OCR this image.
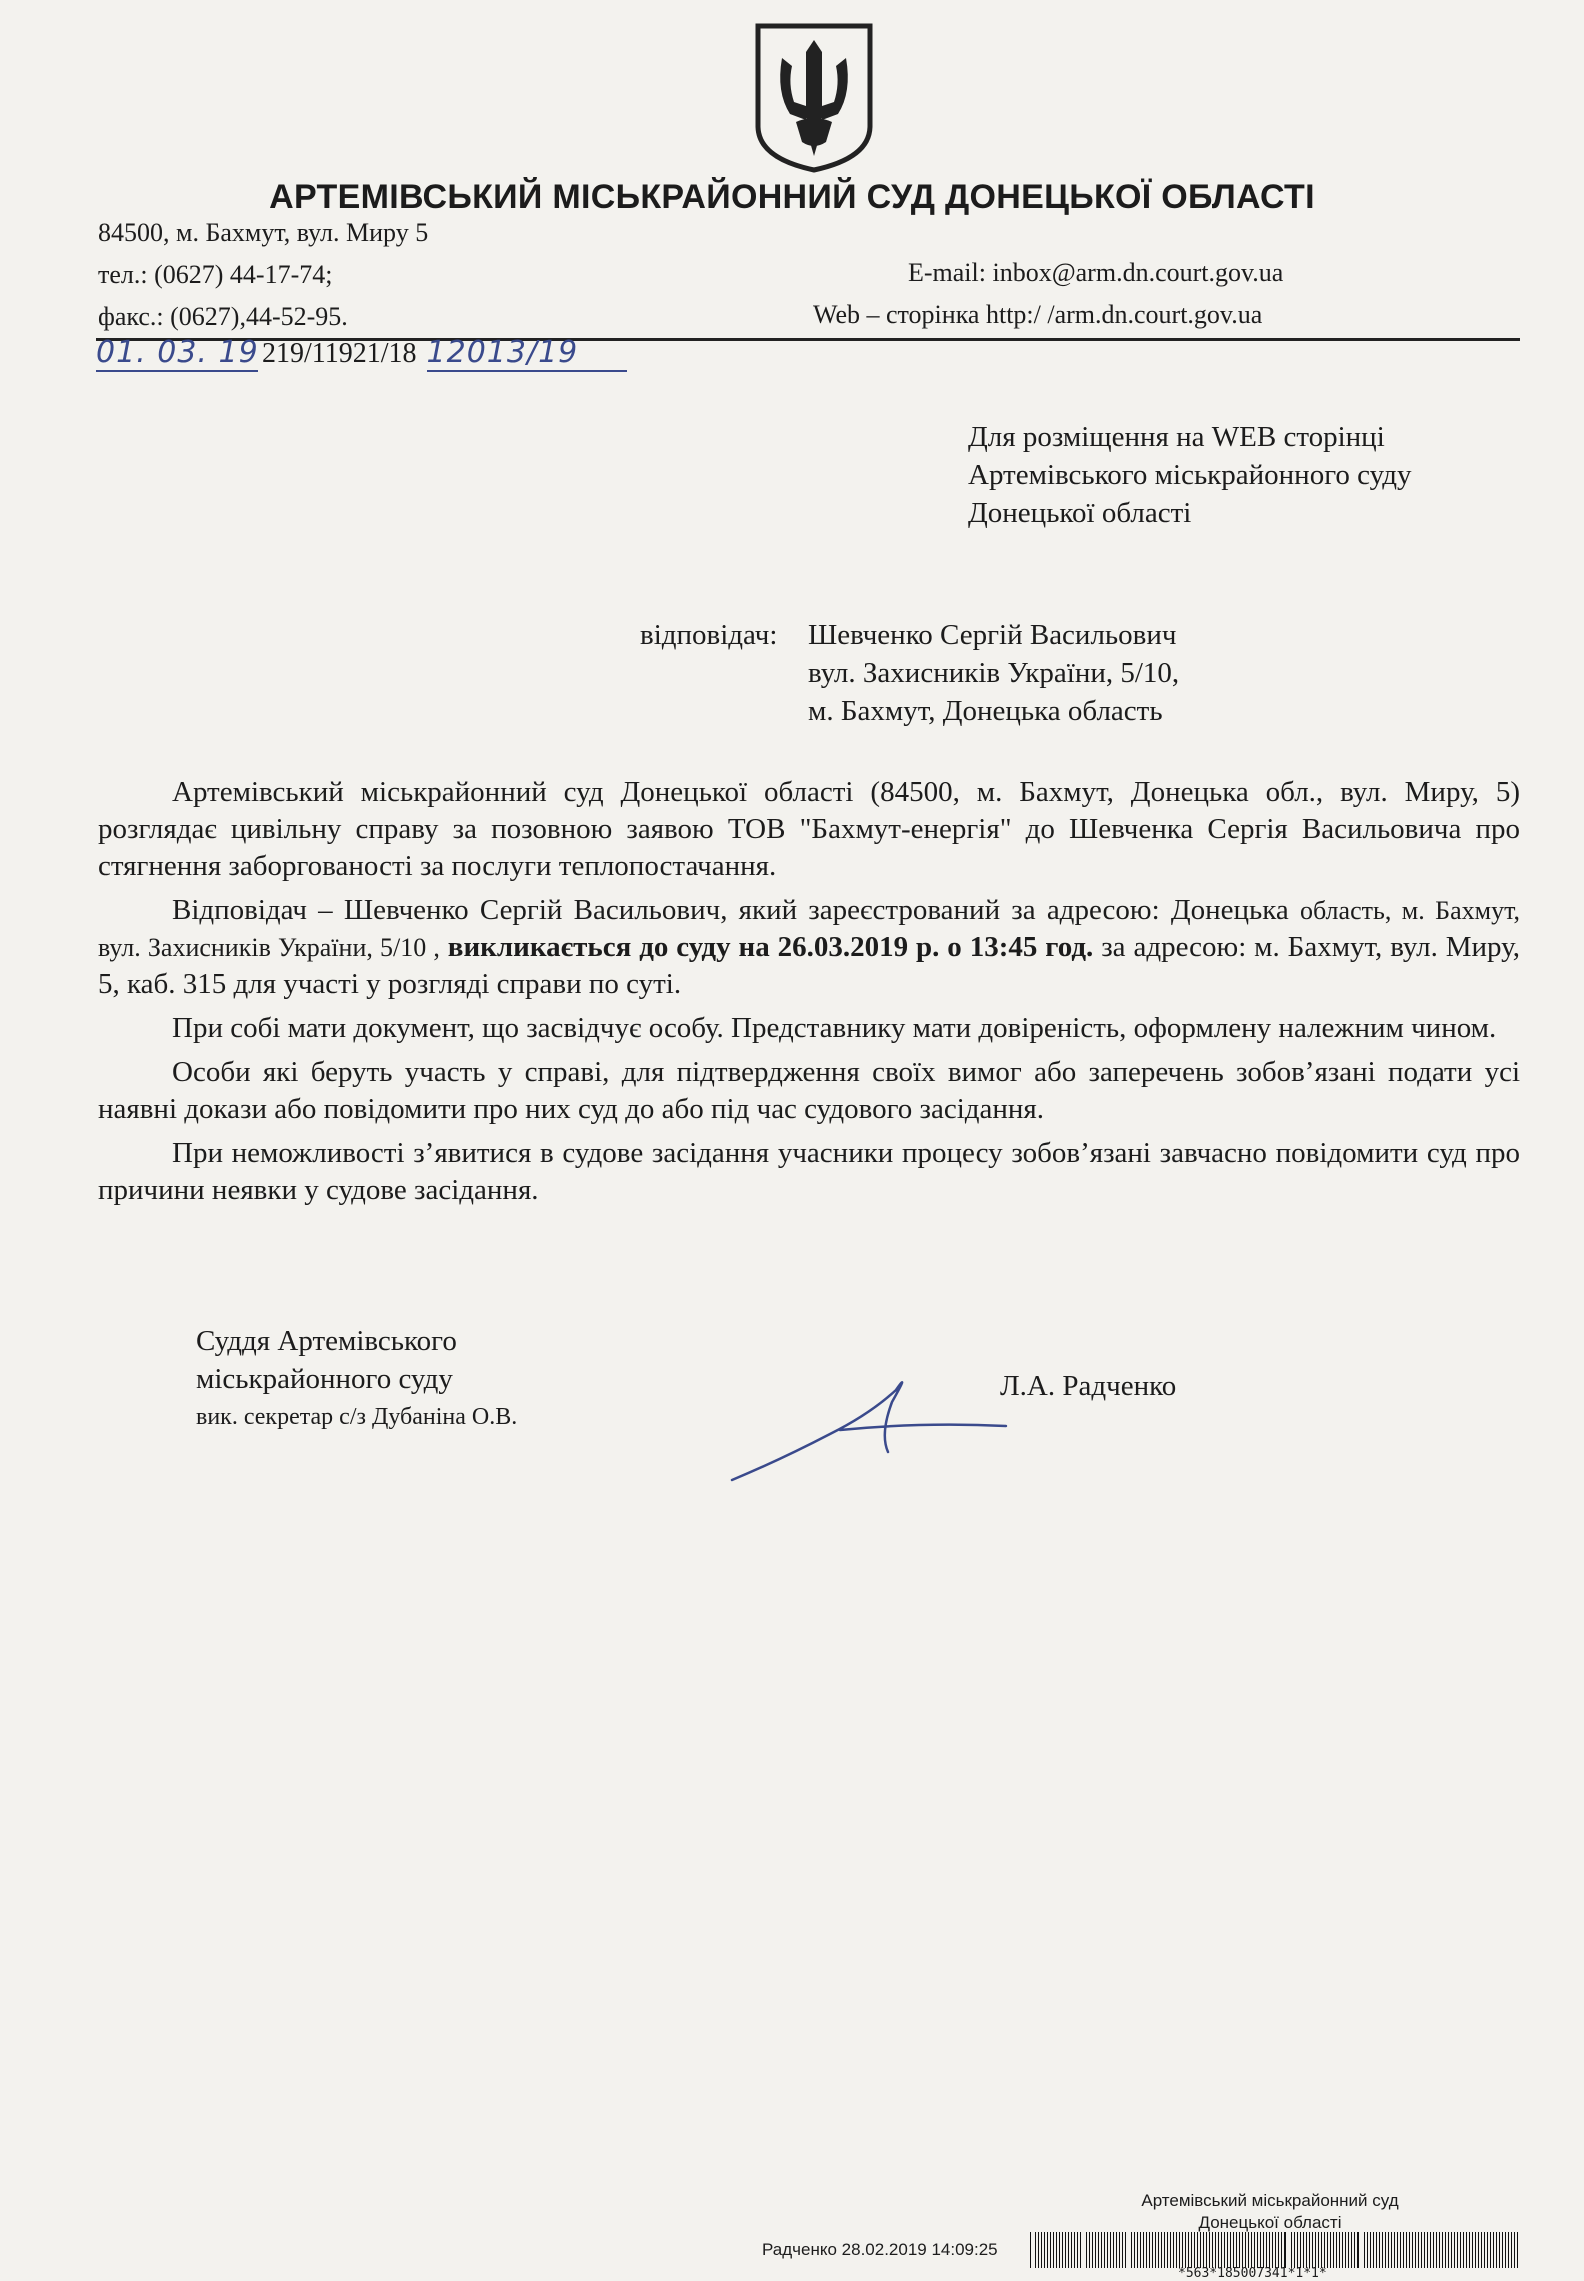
АРТЕМІВСЬКИЙ МІСЬКРАЙОННИЙ СУД ДОНЕЦЬКОЇ ОБЛАСТІ
84500, м. Бахмут, вул. Миру 5
тел.: (0627) 44-17-74;
факс.: (0627),44-52-95.
E-mail: inbox@arm.dn.court.gov.ua
Web – сторінка http:/ /arm.dn.court.gov.ua
01. 03. 19 219/11921/18 12013/19
Для розміщення на WEB сторінці
Артемівського міськрайонного суду
Донецької області
відповідач: Шевченко Сергій Васильович
вул. Захисників України, 5/10,
м. Бахмут, Донецька область

Артемівський міськрайонний суд Донецької області (84500, м. Бахмут, Донецька обл., вул. Миру, 5) розглядає цивільну справу за позовною заявою ТОВ "Бахмут-енергія" до Шевченка Сергія Васильовича про стягнення заборгованості за послуги теплопостачання.

Відповідач – Шевченко Сергій Васильович, який зареєстрований за адресою: Донецька область, м. Бахмут, вул. Захисників України, 5/10 , викликається до суду на 26.03.2019 р. о 13:45 год. за адресою: м. Бахмут, вул. Миру, 5, каб. 315 для участі у розгляді справи по суті.

При собі мати документ, що засвідчує особу. Представнику мати довіреність, оформлену належним чином.

Особи які беруть участь у справі, для підтвердження своїх вимог або заперечень зобов’язані подати усі наявні докази або повідомити про них суд до або під час судового засідання.

При неможливості з’явитися в судове засідання учасники процесу зобов’язані завчасно повідомити суд про причини неявки у судове засідання.

Суддя Артемівського
міськрайонного суду
вик. секретар с/з Дубаніна О.В.
Л.А. Радченко
Артемівський міськрайонний суд
Донецької області
Радченко 28.02.2019 14:09:25
*563*185007341*1*1*
